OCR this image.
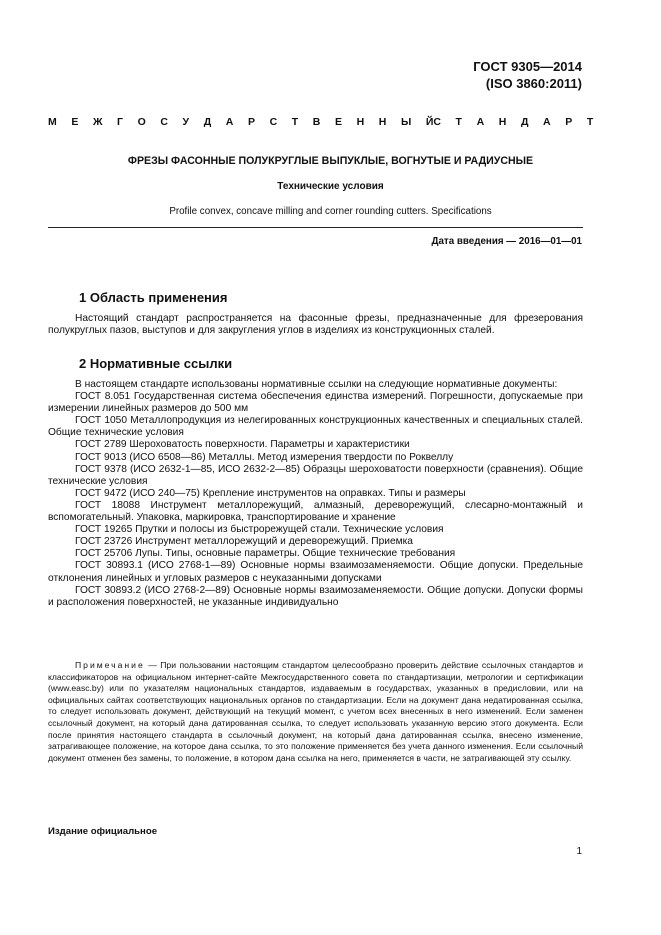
ГОСТ 9305—2014
(ISO 3860:2011)
М Е Ж Г О С У Д А Р С Т В Е Н Н Ы Й С Т А Н Д А Р Т
ФРЕЗЫ ФАСОННЫЕ ПОЛУКРУГЛЫЕ ВЫПУКЛЫЕ, ВОГНУТЫЕ И РАДИУСНЫЕ
Технические условия
Profile convex, concave milling and corner rounding cutters. Specifications
Дата введения — 2016—01—01
1 Область применения
Настоящий стандарт распространяется на фасонные фрезы, предназначенные для фрезерования полукруглых пазов, выступов и для закругления углов в изделиях из конструкционных сталей.
2 Нормативные ссылки
В настоящем стандарте использованы нормативные ссылки на следующие нормативные документы:
ГОСТ 8.051 Государственная система обеспечения единства измерений. Погрешности, допускаемые при измерении линейных размеров до 500 мм
ГОСТ 1050 Металлопродукция из нелегированных конструкционных качественных и специальных сталей. Общие технические условия
ГОСТ 2789 Шероховатость поверхности. Параметры и характеристики
ГОСТ 9013 (ИСО 6508—86) Металлы. Метод измерения твердости по Роквеллу
ГОСТ 9378 (ИСО 2632-1—85, ИСО 2632-2—85) Образцы шероховатости поверхности (сравнения). Общие технические условия
ГОСТ 9472 (ИСО 240—75) Крепление инструментов на оправках. Типы и размеры
ГОСТ 18088 Инструмент металлорежущий, алмазный, дереворежущий, слесарно-монтажный и вспомогательный. Упаковка, маркировка, транспортирование и хранение
ГОСТ 19265 Прутки и полосы из быстрорежущей стали. Технические условия
ГОСТ 23726 Инструмент металлорежущий и дереворежущий. Приемка
ГОСТ 25706 Лупы. Типы, основные параметры. Общие технические требования
ГОСТ 30893.1 (ИСО 2768-1—89) Основные нормы взаимозаменяемости. Общие допуски. Предельные отклонения линейных и угловых размеров с неуказанными допусками
ГОСТ 30893.2 (ИСО 2768-2—89) Основные нормы взаимозаменяемости. Общие допуски. Допуски формы и расположения поверхностей, не указанные индивидуально
Примечание — При пользовании настоящим стандартом целесообразно проверить действие ссылочных стандартов и классификаторов на официальном интернет-сайте Межгосударственного совета по стандартизации, метрологии и сертификации (www.easc.by) или по указателям национальных стандартов, издаваемым в государствах, указанных в предисловии, или на официальных сайтах соответствующих национальных органов по стандартизации. Если на документ дана недатированная ссылка, то следует использовать документ, действующий на текущий момент, с учетом всех внесенных в него изменений. Если заменен ссылочный документ, на который дана датированная ссылка, то следует использовать указанную версию этого документа. Если после принятия настоящего стандарта в ссылочный документ, на который дана датированная ссылка, внесено изменение, затрагивающее положение, на которое дана ссылка, то это положение применяется без учета данного изменения. Если ссылочный документ отменен без замены, то положение, в котором дана ссылка на него, применяется в части, не затрагивающей эту ссылку.
Издание официальное
1
